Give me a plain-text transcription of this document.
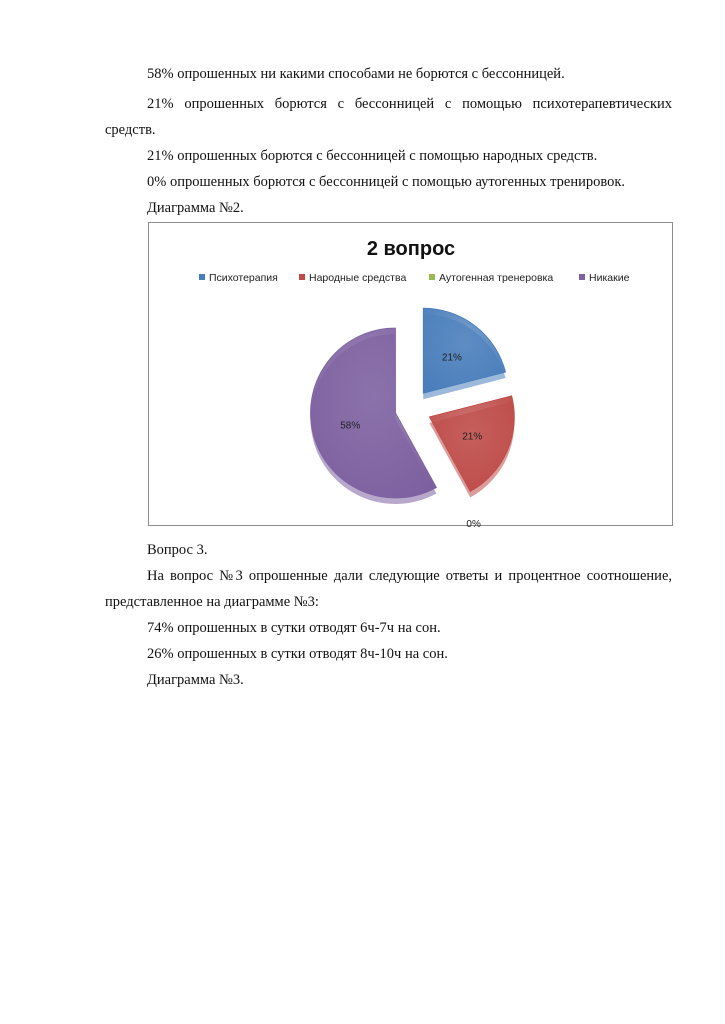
58% опрошенных ни какими способами не борются с бессонницей.

21% опрошенных борются с бессонницей с помощью психотерапевтических

средств.

21% опрошенных борются с бессонницей с помощью народных средств.

0% опрошенных борются с бессонницей с помощью аутогенных тренировок.

Диаграмма №2.

2 вопрос
Психотерапия	Народные средства	Аутогенная тренеровка	Никакие
21%
21%
0%
58%

Вопрос 3.

На вопрос №3 опрошенные дали следующие ответы и процентное соотношение,

представленное на диаграмме №3:

74% опрошенных в сутки отводят 6ч-7ч на сон.

26% опрошенных в сутки отводят 8ч-10ч на сон.

Диаграмма №3.
